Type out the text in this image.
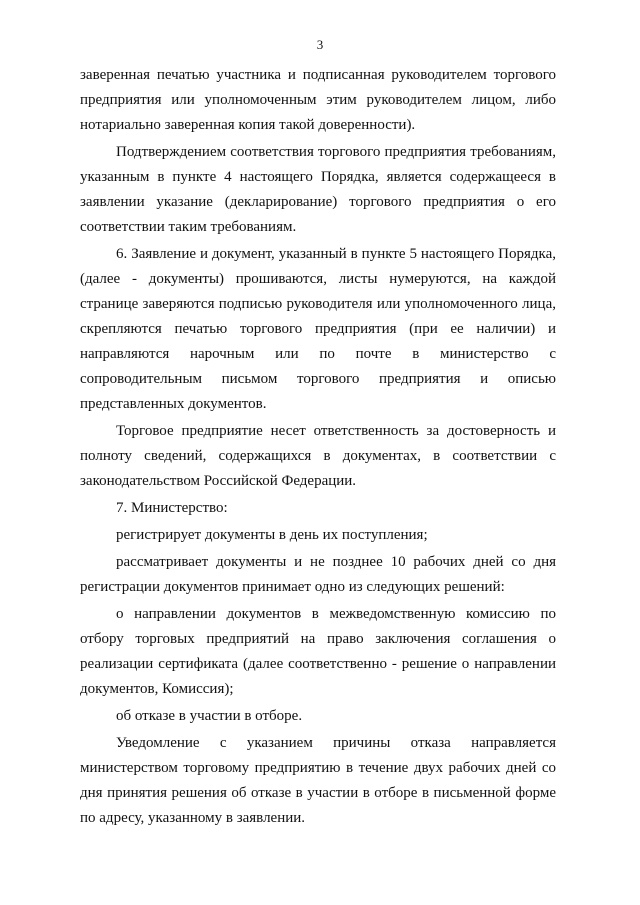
3

заверенная печатью участника и подписанная руководителем торгового предприятия или уполномоченным этим руководителем лицом, либо нотариально заверенная копия такой доверенности).

Подтверждением соответствия торгового предприятия требованиям, указанным в пункте 4 настоящего Порядка, является содержащееся в заявлении указание (декларирование) торгового предприятия о его соответствии таким требованиям.

6. Заявление и документ, указанный в пункте 5 настоящего Порядка, (далее - документы) прошиваются, листы нумеруются, на каждой странице заверяются подписью руководителя или уполномоченного лица, скрепляются печатью торгового предприятия (при ее наличии) и направляются нарочным или по почте в министерство с сопроводительным письмом торгового предприятия и описью представленных документов.

Торговое предприятие несет ответственность за достоверность и полноту сведений, содержащихся в документах, в соответствии с законодательством Российской Федерации.

7. Министерство:

регистрирует документы в день их поступления;

рассматривает документы и не позднее 10 рабочих дней со дня регистрации документов принимает одно из следующих решений:

о направлении документов в межведомственную комиссию по отбору торговых предприятий на право заключения соглашения о реализации сертификата (далее соответственно - решение о направлении документов, Комиссия);

об отказе в участии в отборе.

Уведомление с указанием причины отказа направляется министерством торговому предприятию в течение двух рабочих дней со дня принятия решения об отказе в участии в отборе в письменной форме по адресу, указанному в заявлении.
